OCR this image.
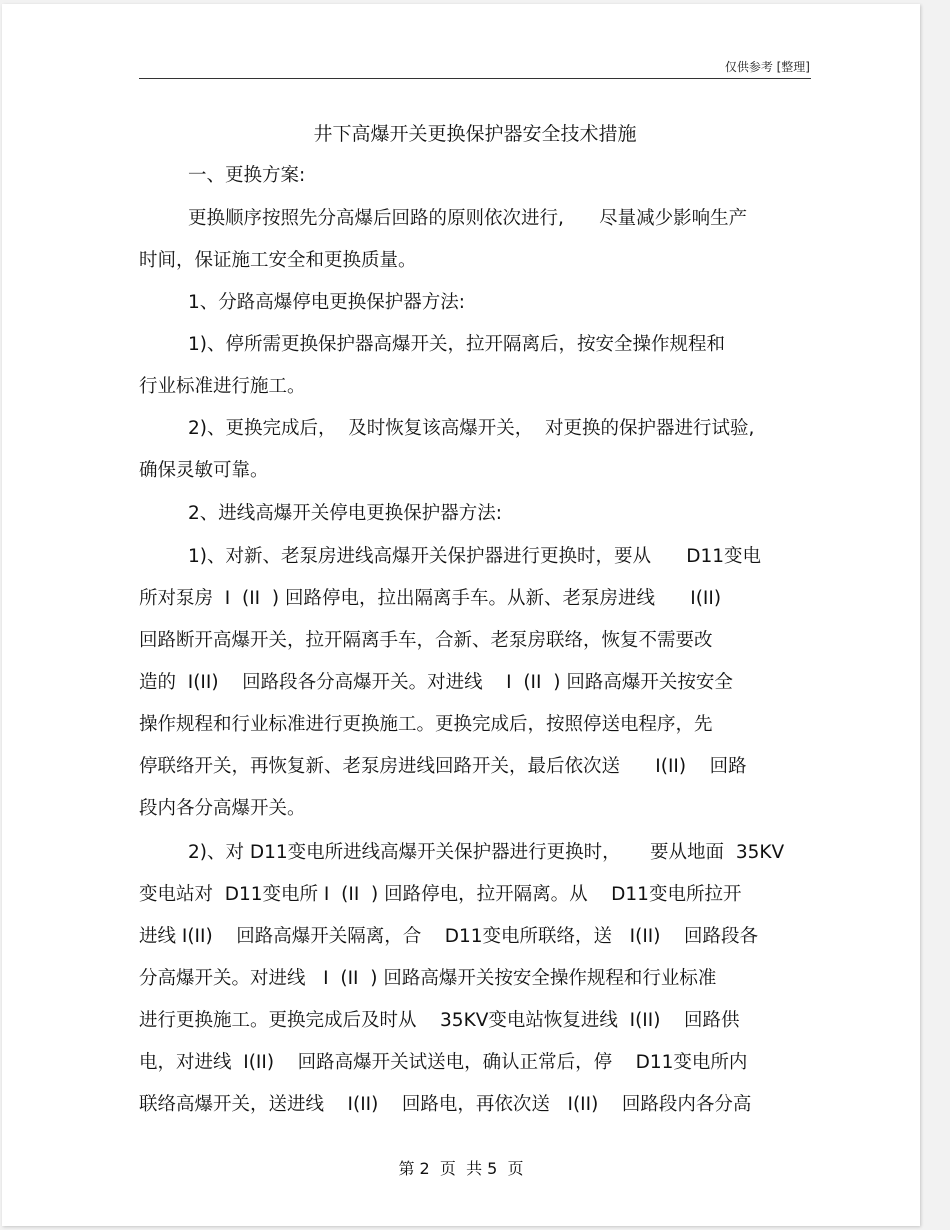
仅供参考 [整理]
井下高爆开关更换保护器安全技术措施
一、更换方案:
更换顺序按照先分高爆后回路的原则依次进行,      尽量减少影响生产
时间，保证施工安全和更换质量。
1、分路高爆停电更换保护器方法:
1)、停所需更换保护器高爆开关，拉开隔离后，按安全操作规程和
行业标准进行施工。
2)、更换完成后，  及时恢复该高爆开关，  对更换的保护器进行试验,
确保灵敏可靠。
2、进线高爆开关停电更换保护器方法:
1)、对新、老泵房进线高爆开关保护器进行更换时，要从      D11变电
所对泵房  I  (II  ) 回路停电，拉出隔离手车。从新、老泵房进线      I(II)
回路断开高爆开关，拉开隔离手车，合新、老泵房联络，恢复不需要改
造的  I(II)    回路段各分高爆开关。对进线    I  (II  ) 回路高爆开关按安全
操作规程和行业标准进行更换施工。更换完成后，按照停送电程序，先
停联络开关，再恢复新、老泵房进线回路开关，最后依次送      I(II)    回路
段内各分高爆开关。
2)、对 D11变电所进线高爆开关保护器进行更换时，     要从地面  35KV
变电站对  D11变电所 I  (II  ) 回路停电，拉开隔离。从    D11变电所拉开
进线 I(II)    回路高爆开关隔离，合    D11变电所联络，送   I(II)    回路段各
分高爆开关。对进线   I  (II  ) 回路高爆开关按安全操作规程和行业标准
进行更换施工。更换完成后及时从    35KV变电站恢复进线  I(II)    回路供
电，对进线  I(II)    回路高爆开关试送电，确认正常后，停    D11变电所内
联络高爆开关，送进线    I(II)    回路电，再依次送   I(II)    回路段内各分高
第 2  页  共 5  页
